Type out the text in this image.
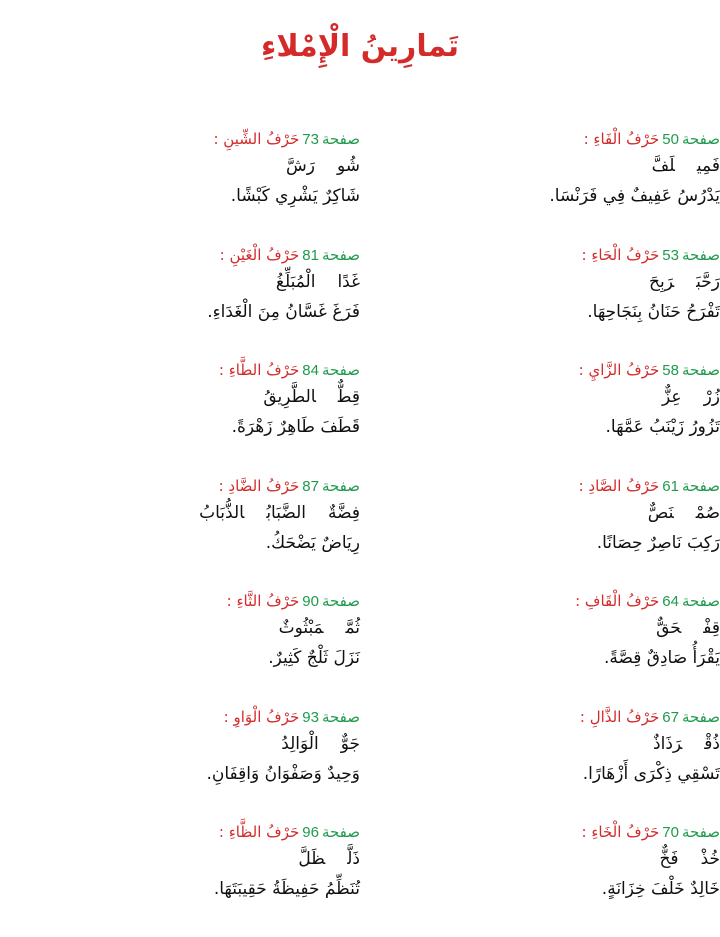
تَمارِينُ الْإِمْلاءِ
صفحة50حَرْفُ الْفَاءِ :
فَمِيلَفَّ
يَدْرُسُ عَفِيفٌ فِي فَرَنْسَا.
صفحة53حَرْفُ الْحَاءِ :
رَحَّبَرَبِحَ
تَفْرَحُ حَنَانُ بِنَجَاحِهَا.
صفحة58حَرْفُ الزَّايِ :
زُرْعِزٌّ
تَزُورُ زَيْنَبُ عَمَّهَا.
صفحة61حَرْفُ الصَّادِ :
صُمْنَصٌّ
رَكِبَ نَاصِرٌ حِصَانًا.
صفحة64حَرْفُ الْقَافِ :
قِفْحَقٌّ
يَقْرَأُ صَادِقٌ قِصَّةً.
صفحة67حَرْفُ الذَّالِ :
ذُقْرَذَاذٌ
تَسْقِي ذِكْرَى أَزْهَارًا.
صفحة70حَرْفُ الْخَاءِ :
خُذْفَخٌّ
خَالِدٌ خَلْفَ خِزَانَةٍ.
صفحة73حَرْفُ الشِّينِ :
شُورَشَّ
شَاكِرٌ يَشْرِي كَبْشًا.
صفحة81حَرْفُ الْغَيْنِ :
غَدًاالْمُبَلِّغُ
فَرَغَ غَسَّانُ مِنَ الْغَدَاءِ.
صفحة84حَرْفُ الطَّاءِ :
قِطٌّالطَّرِيقُ
قَطَفَ طَاهِرٌ زَهْرَةً.
صفحة87حَرْفُ الضَّادِ :
فِضَّةٌالضَّبَابُالذُّبَابُ
رِيَاضٌ يَضْحَكُ.
صفحة90حَرْفُ الثَّاءِ :
ثُمَّمَبْثُوثٌ
نَزَلَ ثَلْجٌ كَثِيرٌ.
صفحة93حَرْفُ الْوَاوِ :
جَوٌّالْوَالِدُ
وَحِيدٌ وَصَفْوَانُ وَاقِفَانِ.
صفحة96حَرْفُ الظَّاءِ :
ذَلَّظَلَّ
تُنَظِّمُ حَفِيظَةُ حَقِيبَتَهَا.
